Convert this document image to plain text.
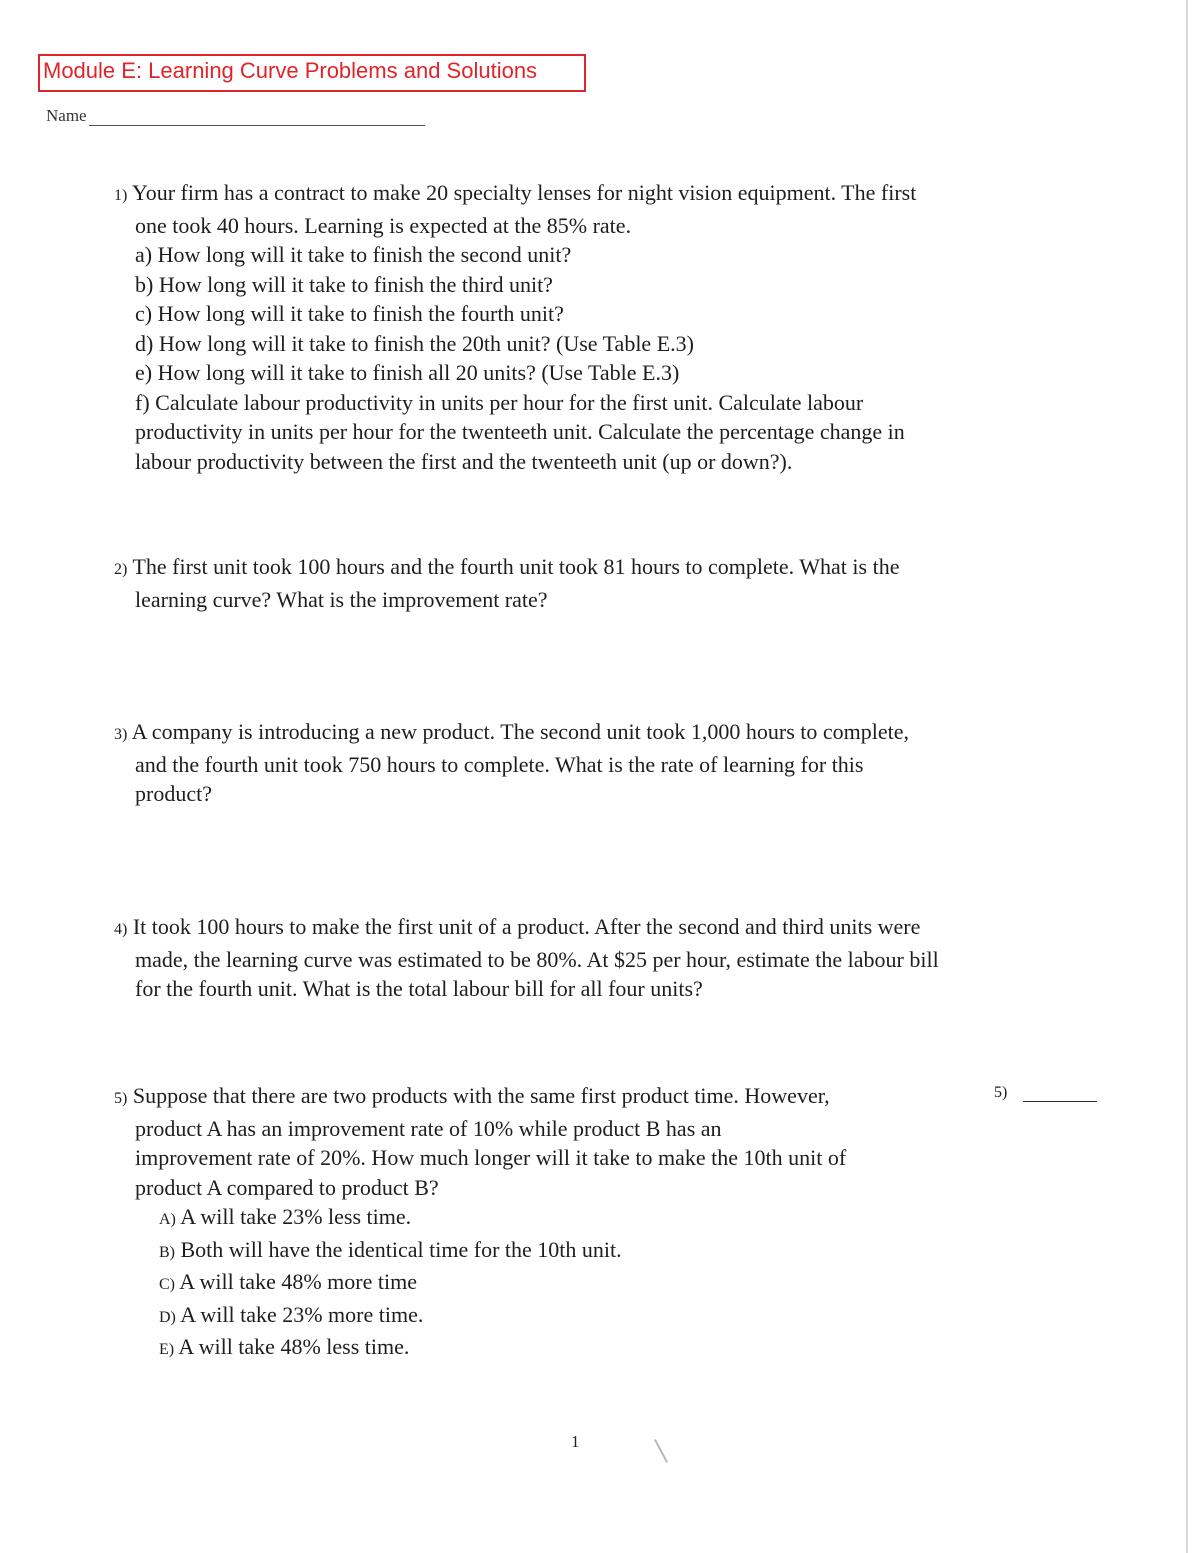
Module E: Learning Curve Problems and Solutions
Name
1) Your firm has a contract to make 20 specialty lenses for night vision equipment. The first
one took 40 hours. Learning is expected at the 85% rate.
a) How long will it take to finish the second unit?
b) How long will it take to finish the third unit?
c) How long will it take to finish the fourth unit?
d) How long will it take to finish the 20th unit? (Use Table E.3)
e) How long will it take to finish all 20 units? (Use Table E.3)
f) Calculate labour productivity in units per hour for the first unit. Calculate labour
productivity in units per hour for the twenteeth unit. Calculate the percentage change in
labour productivity between the first and the twenteeth unit (up or down?).
2) The first unit took 100 hours and the fourth unit took 81 hours to complete. What is the
learning curve? What is the improvement rate?
3) A company is introducing a new product. The second unit took 1,000 hours to complete,
and the fourth unit took 750 hours to complete. What is the rate of learning for this
product?
4) It took 100 hours to make the first unit of a product. After the second and third units were
made, the learning curve was estimated to be 80%. At $25 per hour, estimate the labour bill
for the fourth unit. What is the total labour bill for all four units?
5) Suppose that there are two products with the same first product time. However,
product A has an improvement rate of 10% while product B has an
improvement rate of 20%. How much longer will it take to make the 10th unit of
product A compared to product B?
A) A will take 23% less time.
B) Both will have the identical time for the 10th unit.
C) A will take 48% more time
D) A will take 23% more time.
E) A will take 48% less time.
5)
1
